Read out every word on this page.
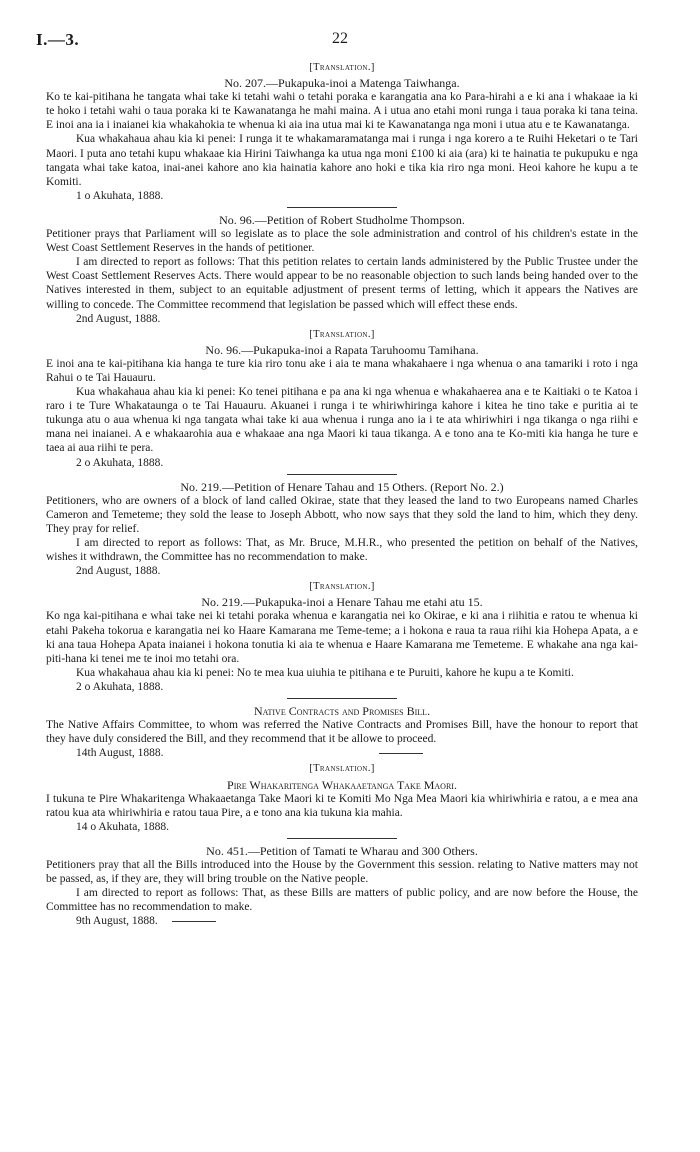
I.—3.	22
[Translation.]
No. 207.—Pukapuka-inoi a Matenga Taiwhanga.

Ko te kai-pitihana he tangata whai take ki tetahi wahi o tetahi poraka e karangatia ana ko Para-hirahi a e ki ana i whakaae ia ki te hoko i tetahi wahi o taua poraka ki te Kawanatanga he mahi maina. A i utua ano etahi moni runga i taua poraka ki tana teina. E inoi ana ia i inaianei kia whakahokia te whenua ki aia ina utua mai ki te Kawanatanga nga moni i utua atu e te Kawanatanga.

Kua whakahaua ahau kia ki penei: I runga it te whakamaramatanga mai i runga i nga korero a te Ruihi Heketari o te Tari Maori. I puta ano tetahi kupu whakaae kia Hirini Taiwhanga ka utua nga moni £100 ki aia (ara) ki te hainatia te pukupuku e nga tangata whai take katoa, inai-anei kahore ano kia hainatia kahore ano hoki e tika kia riro nga moni. Heoi kahore he kupu a te Komiti.

1 o Akuhata, 1888.
No. 96.—Petition of Robert Studholme Thompson.

Petitioner prays that Parliament will so legislate as to place the sole administration and control of his children's estate in the West Coast Settlement Reserves in the hands of petitioner.

I am directed to report as follows: That this petition relates to certain lands administered by the Public Trustee under the West Coast Settlement Reserves Acts. There would appear to be no reasonable objection to such lands being handed over to the Natives interested in them, subject to an equitable adjustment of present terms of letting, which it appears the Natives are willing to concede. The Committee recommend that legislation be passed which will effect these ends.

2nd August, 1888.
[Translation.]
No. 96.—Pukapuka-inoi a Rapata Taruhoomu Tamihana.

E inoi ana te kai-pitihana kia hanga te ture kia riro tonu ake i aia te mana whakahaere i nga whenua o ana tamariki i roto i nga Rahui o te Tai Hauauru.

Kua whakahaua ahau kia ki penei: Ko tenei pitihana e pa ana ki nga whenua e whakahaerea ana e te Kaitiaki o te Katoa i raro i te Ture Whakataunga o te Tai Hauauru. Akuanei i runga i te whiriwhiringa kahore i kitea he tino take e puritia ai te tukunga atu o aua whenua ki nga tangata whai take ki aua whenua i runga ano ia i te ata whiriwhiri i nga tikanga o nga riihi e mana nei inaianei. A e whakaarohia aua e whakaae ana nga Maori ki taua tikanga. A e tono ana te Ko-miti kia hanga he ture e taea ai aua riihi te pera.

2 o Akuhata, 1888.
No. 219.—Petition of Henare Tahau and 15 Others. (Report No. 2.)

Petitioners, who are owners of a block of land called Okirae, state that they leased the land to two Europeans named Charles Cameron and Temeteme; they sold the lease to Joseph Abbott, who now says that they sold the land to him, which they deny. They pray for relief.

I am directed to report as follows: That, as Mr. Bruce, M.H.R., who presented the petition on behalf of the Natives, wishes it withdrawn, the Committee has no recommendation to make.

2nd August, 1888.
[Translation.]
No. 219.—Pukapuka-inoi a Henare Tahau me etahi atu 15.

Ko nga kai-pitihana e whai take nei ki tetahi poraka whenua e karangatia nei ko Okirae, e ki ana i riihitia e ratou te whenua ki etahi Pakeha tokorua e karangatia nei ko Haare Kamarana me Teme-teme; a i hokona e raua ta raua riihi kia Hohepa Apata, a e ki ana taua Hohepa Apata inaianei i hokona tonutia ki aia te whenua e Haare Kamarana me Temeteme. E whakahe ana nga kai-piti-hana ki tenei me te inoi mo tetahi ora.

Kua whakahaua ahau kia ki penei: No te mea kua uiuhia te pitihana e te Puruiti, kahore he kupu a te Komiti.

2 o Akuhata, 1888.
Native Contracts and Promises Bill.

The Native Affairs Committee, to whom was referred the Native Contracts and Promises Bill, have the honour to report that they have duly considered the Bill, and they recommend that it be allowe to proceed.

14th August, 1888.
[Translation.]
Pire Whakaritenga Whakaaetanga Take Maori.

I tukuna te Pire Whakaritenga Whakaaetanga Take Maori ki te Komiti Mo Nga Mea Maori kia whiriwhiria e ratou, a e mea ana ratou kua ata whiriwhiria e ratou taua Pire, a e tono ana kia tukuna kia mahia.

14 o Akuhata, 1888.
No. 451.—Petition of Tamati te Wharau and 300 Others.

Petitioners pray that all the Bills introduced into the House by the Government this session. relating to Native matters may not be passed, as, if they are, they will bring trouble on the Native people.

I am directed to report as follows: That, as these Bills are matters of public policy, and are now before the House, the Committee has no recommendation to make.

9th August, 1888.
